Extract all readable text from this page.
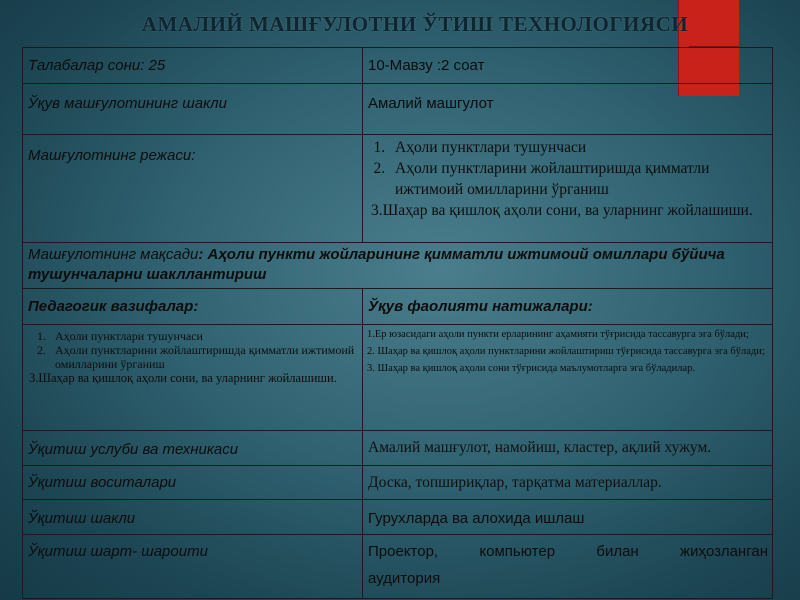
АМАЛИЙ МАШҒУЛОТНИ ЎТИШ ТЕХНОЛОГИЯСИ
Талабалар сони: 25	10-Мавзу :2 соат
Ўқув машғулотининг шакли	Амалий машгулот
Машғулотнинг режаси:
1.	Аҳоли пунктлари тушунчаси
2. Аҳоли пунктларини жойлаштиришда қимматли ижтимоий омилларини ўрганиш
3.Шаҳар ва қишлоқ аҳоли сони, ва уларнинг жойлашиши.
Машғулотнинг мақсади: Аҳоли пункти жойларининг қимматли ижтимоий омиллари бўйича тушунчаларни шакллантириш
Педагогик вазифалар:	Ўқув фаолияти натижалари:
1. Аҳоли пунктлари тушунчаси
2. Аҳоли пунктларини жойлаштиришда қимматли ижтимоий омилларини ўрганиш
3.Шаҳар ва қишлоқ аҳоли сони, ва уларнинг жойлашиши.
1.Ер юзасидаги аҳоли пункти ерларининг аҳамияти тўғрисида тассавурга эга бўлади;
2. Шаҳар ва қишлоқ аҳоли пунктларини жойлаштириш тўғрисида тассавурга эга бўлади;
3. Шаҳар ва қишлоқ аҳоли сони тўғрисида маълумотларга эга бўладилар.
Ўқитиш услуби ва техникаси	Амалий машғулот, намойиш, кластер, ақлий хужум.
Ўқитиш воситалари	Доска, топшириқлар, тарқатма материаллар.
Ўқитиш шакли	Гурухларда ва алохида ишлаш
Ўқитиш шарт- шароити	Проектор,	компьютер	билан	жиҳозланган
аудитория
